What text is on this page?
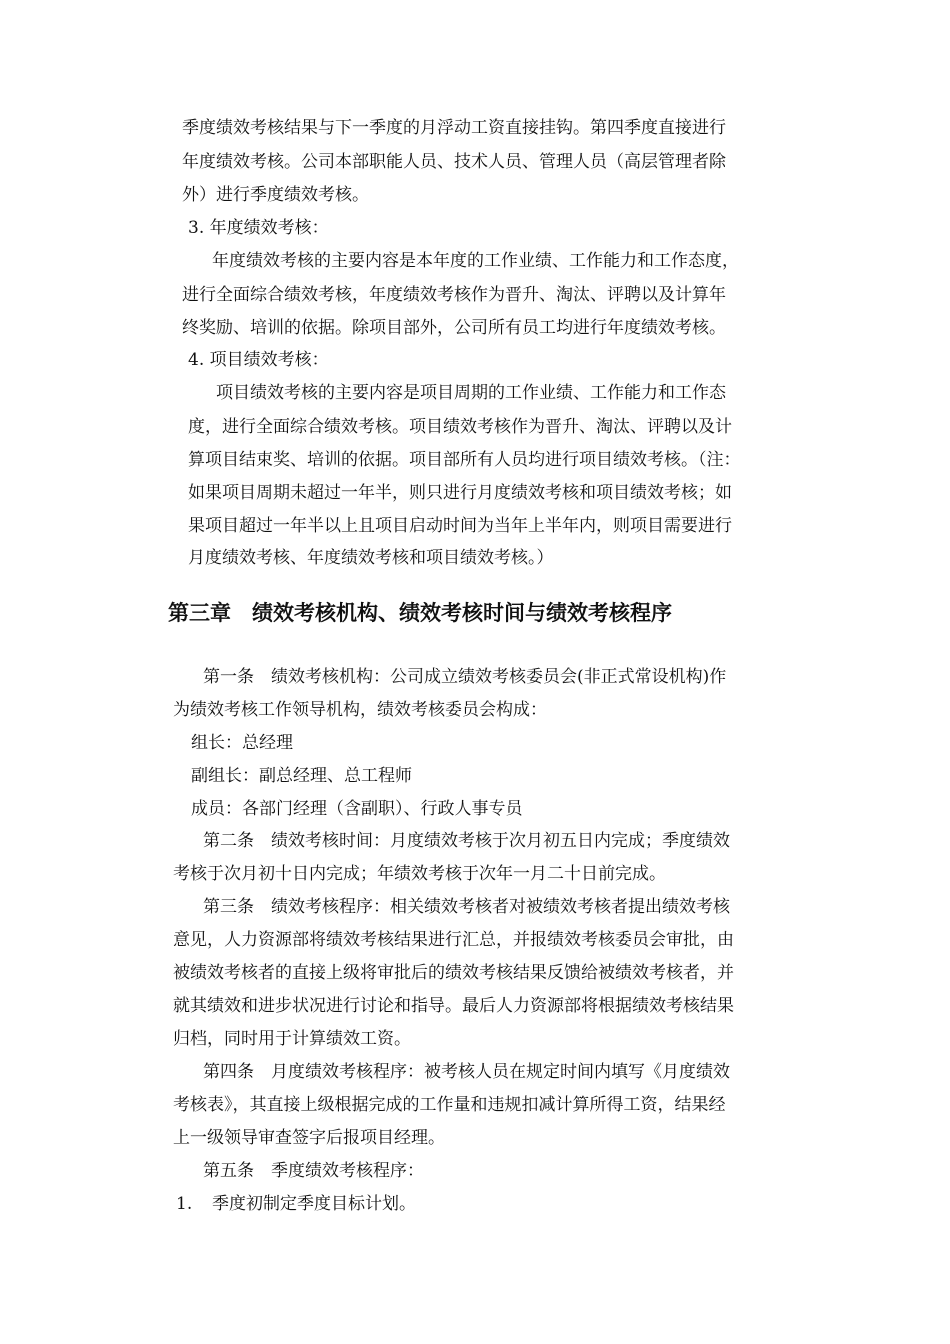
季度绩效考核结果与下一季度的月浮动工资直接挂钩。第四季度直接进行
年度绩效考核。公司本部职能人员、技术人员、管理人员（高层管理者除
外）进行季度绩效考核。
3. 年度绩效考核：
年度绩效考核的主要内容是本年度的工作业绩、工作能力和工作态度，
进行全面综合绩效考核，年度绩效考核作为晋升、淘汰、评聘以及计算年
终奖励、培训的依据。除项目部外，公司所有员工均进行年度绩效考核。
4. 项目绩效考核：
项目绩效考核的主要内容是项目周期的工作业绩、工作能力和工作态
度，进行全面综合绩效考核。项目绩效考核作为晋升、淘汰、评聘以及计
算项目结束奖、培训的依据。项目部所有人员均进行项目绩效考核。（注：
如果项目周期未超过一年半，则只进行月度绩效考核和项目绩效考核；如
果项目超过一年半以上且项目启动时间为当年上半年内，则项目需要进行
月度绩效考核、年度绩效考核和项目绩效考核。）
第三章　绩效考核机构、绩效考核时间与绩效考核程序
第一条　绩效考核机构：公司成立绩效考核委员会(非正式常设机构)作
为绩效考核工作领导机构，绩效考核委员会构成：
组长：总经理
副组长：副总经理、总工程师
成员：各部门经理（含副职）、行政人事专员
第二条　绩效考核时间：月度绩效考核于次月初五日内完成；季度绩效
考核于次月初十日内完成；年绩效考核于次年一月二十日前完成。
第三条　绩效考核程序：相关绩效考核者对被绩效考核者提出绩效考核
意见，人力资源部将绩效考核结果进行汇总，并报绩效考核委员会审批，由
被绩效考核者的直接上级将审批后的绩效考核结果反馈给被绩效考核者，并
就其绩效和进步状况进行讨论和指导。最后人力资源部将根据绩效考核结果
归档，同时用于计算绩效工资。
第四条　月度绩效考核程序：被考核人员在规定时间内填写《月度绩效
考核表》，其直接上级根据完成的工作量和违规扣减计算所得工资，结果经
上一级领导审查签字后报项目经理。
第五条　季度绩效考核程序：
1. 季度初制定季度目标计划。
